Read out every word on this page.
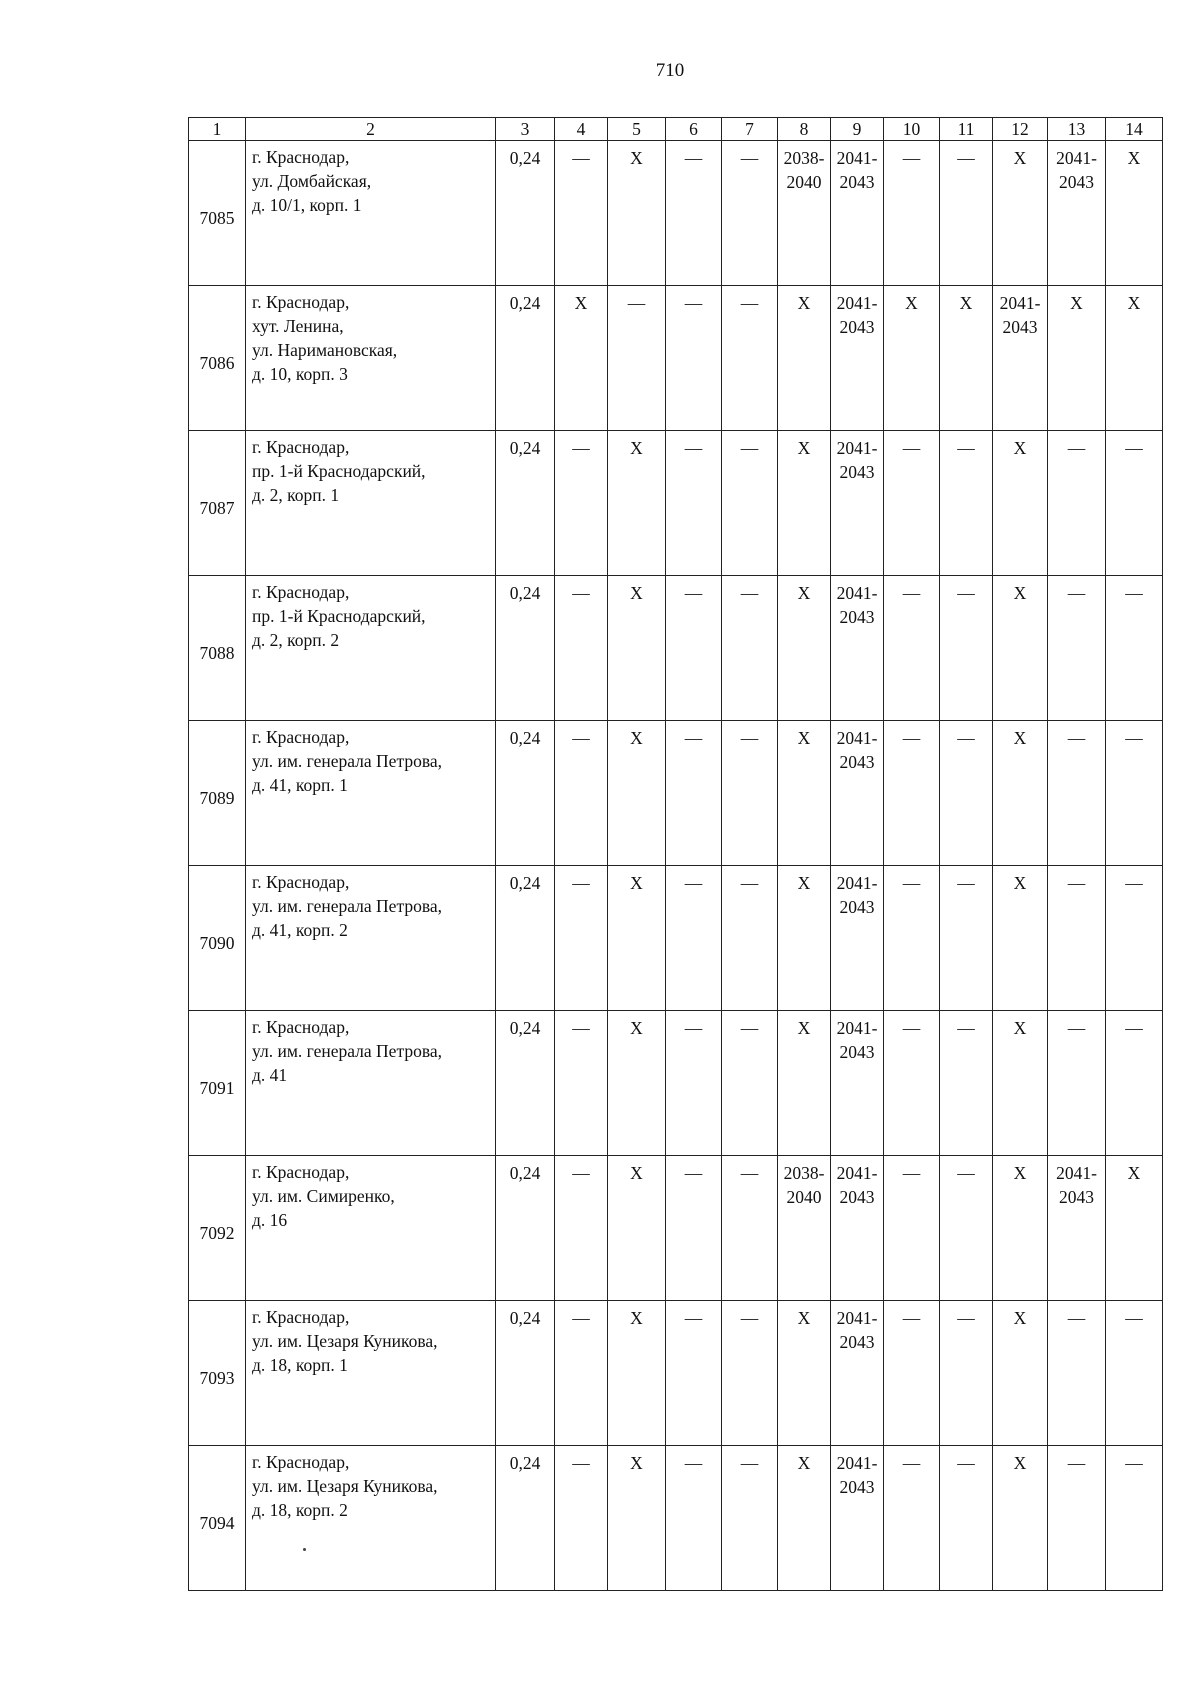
710
1	2	3	4	5	6	7	8	9	10	11	12	13	14
7085	г. Краснодар,
ул. Домбайская,
д. 10/1, корп. 1	0,24	—	X	—	—	2038-
2040	2041-
2043	—	—	X	2041-
2043	X

7086	г. Краснодар,
хут. Ленина,
ул. Наримановская,
д. 10, корп. 3	0,24	X	—	—	—	X	2041-
2043	X	X	2041-
2043	X	X

7087	г. Краснодар,
пр. 1-й Краснодарский,
д. 2, корп. 1	0,24	—	X	—	—	X	2041-
2043	—	—	X	—	—

7088	г. Краснодар,
пр. 1-й Краснодарский,
д. 2, корп. 2	0,24	—	X	—	—	X	2041-
2043	—	—	X	—	—

7089	г. Краснодар,
ул. им. генерала Петрова,
д. 41, корп. 1	0,24	—	X	—	—	X	2041-
2043	—	—	X	—	—

7090	г. Краснодар,
ул. им. генерала Петрова,
д. 41, корп. 2	0,24	—	X	—	—	X	2041-
2043	—	—	X	—	—

7091	г. Краснодар,
ул. им. генерала Петрова,
д. 41	0,24	—	X	—	—	X	2041-
2043	—	—	X	—	—

7092	г. Краснодар,
ул. им. Симиренко,
д. 16	0,24	—	X	—	—	2038-
2040	2041-
2043	—	—	X	2041-
2043	X

7093	г. Краснодар,
ул. им. Цезаря Куникова,
д. 18, корп. 1	0,24	—	X	—	—	X	2041-
2043	—	—	X	—	—

7094	г. Краснодар,
ул. им. Цезаря Куникова,
д. 18, корп. 2	0,24	—	X	—	—	X	2041-
2043	—	—	X	—	—
